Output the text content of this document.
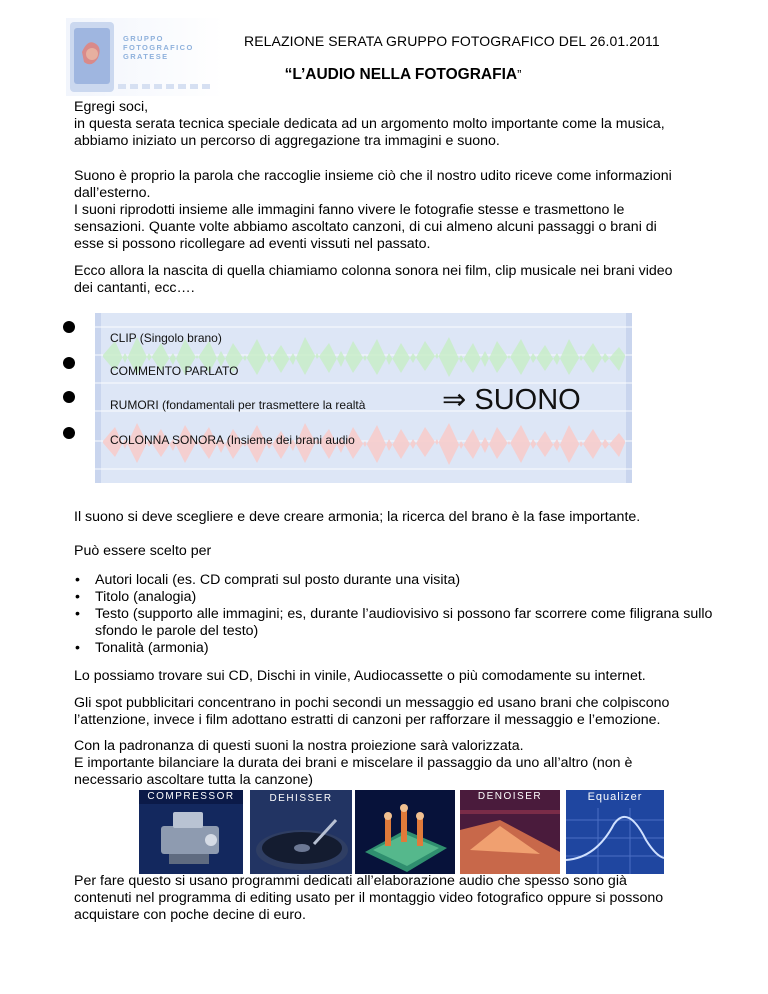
GRUPPO
FOTOGRAFICO
GRATESE
RELAZIONE SERATA GRUPPO FOTOGRAFICO DEL 26.01.2011
“L’AUDIO NELLA FOTOGRAFIA”

Egregi soci,

in questa serata tecnica speciale dedicata ad un argomento molto importante come la musica,

abbiamo iniziato un percorso di aggregazione tra immagini e suono.

Suono è proprio la parola che raccoglie insieme ciò che il nostro udito riceve come informazioni

dall’esterno.

I suoni riprodotti insieme alle immagini fanno vivere le fotografie stesse e trasmettono le

sensazioni. Quante volte abbiamo ascoltato canzoni, di cui almeno alcuni passaggi o brani di

esse si possono ricollegare ad eventi vissuti nel passato.

Ecco allora la nascita di quella chiamiamo colonna sonora nei film, clip musicale nei brani video

dei cantanti, ecc….

CLIP (Singolo brano)
COMMENTO PARLATO
RUMORI (fondamentali per trasmettere la realtà
COLONNA SONORA (Insieme dei brani audio
⇒ SUONO

Il suono si deve scegliere e deve creare armonia; la ricerca del brano è la fase importante.

Può essere scelto per

• Autori locali (es. CD comprati sul posto durante una visita)
• Titolo (analogia)
• Testo (supporto alle immagini; es, durante l’audiovisivo si possono far scorrere come filigrana sullo sfondo le parole del testo)
• Tonalità (armonia)

Lo possiamo trovare sui CD, Dischi in vinile, Audiocassette o più comodamente su internet.

Gli spot pubblicitari concentrano in pochi secondi un messaggio ed usano brani che colpiscono

l’attenzione, invece i film adottano estratti di canzoni per rafforzare il messaggio e l’emozione.

Con la padronanza di questi suoni la nostra proiezione sarà valorizzata.

E importante bilanciare la durata dei brani e miscelare il passaggio da uno all’altro (non è

necessario ascoltare tutta la canzone)

COMPRESSOR	DEHISSER	DENOISER	Equalizer

Per fare questo si usano programmi dedicati all’elaborazione audio che spesso sono già

contenuti nel programma di editing usato per il montaggio video fotografico oppure si possono

acquistare con poche decine di euro.
